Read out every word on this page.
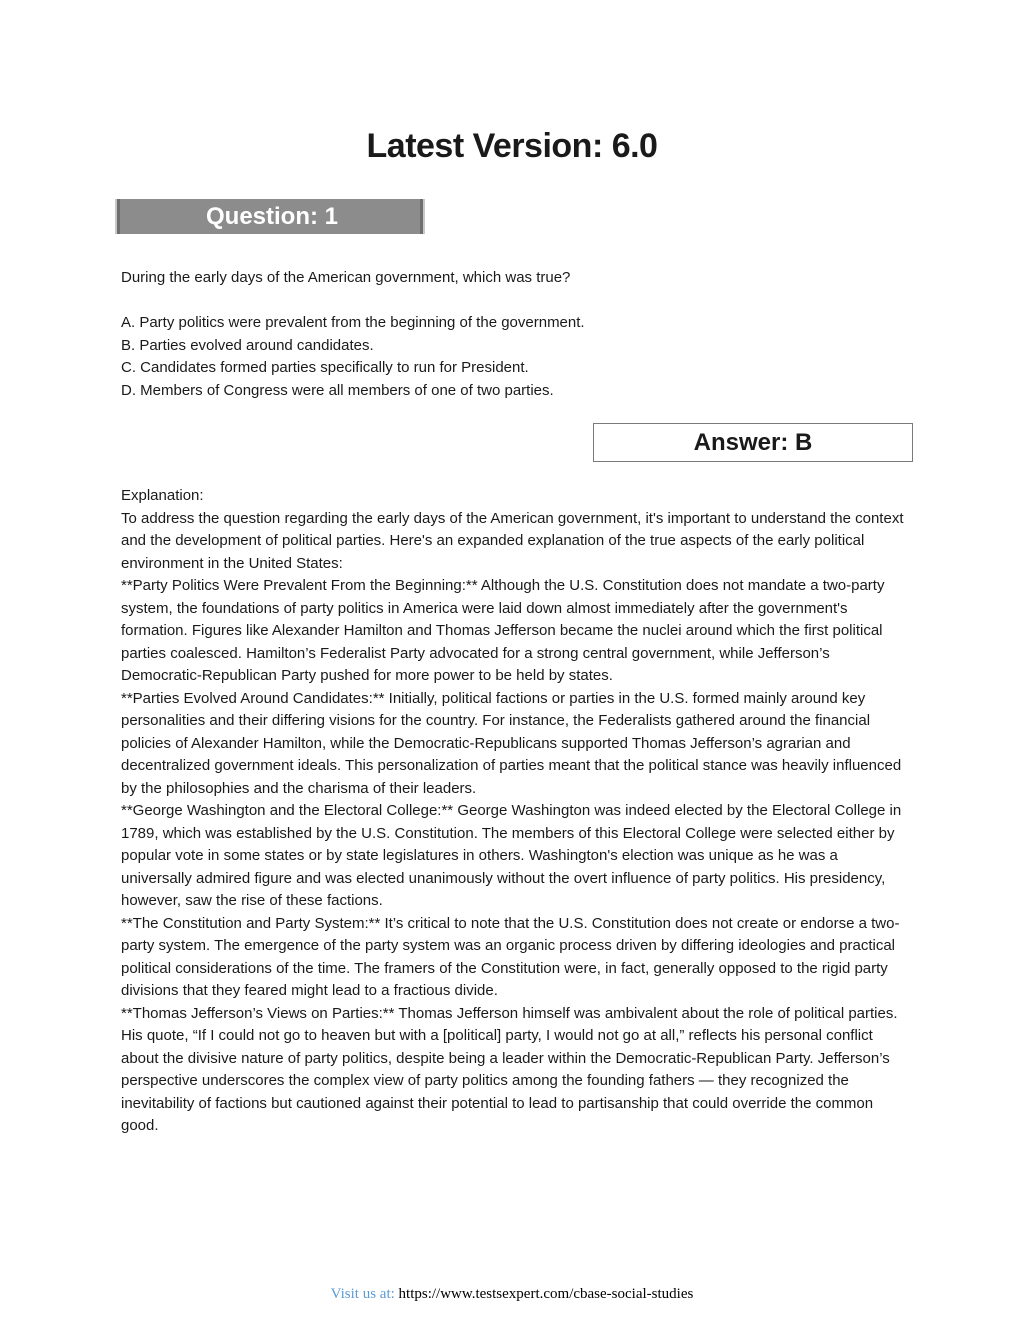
Latest Version: 6.0
Question: 1

During the early days of the American government, which was true?

A. Party politics were prevalent from the beginning of the government.
B. Parties evolved around candidates.
C. Candidates formed parties specifically to run for President.
D. Members of Congress were all members of one of two parties.
Answer: B

Explanation:

To address the question regarding the early days of the American government, it's important to understand the context and the development of political parties. Here's an expanded explanation of the true aspects of the early political environment in the United States:

**Party Politics Were Prevalent From the Beginning:** Although the U.S. Constitution does not mandate a two-party system, the foundations of party politics in America were laid down almost immediately after the government's formation. Figures like Alexander Hamilton and Thomas Jefferson became the nuclei around which the first political parties coalesced. Hamilton’s Federalist Party advocated for a strong central government, while Jefferson’s Democratic-Republican Party pushed for more power to be held by states.

**Parties Evolved Around Candidates:** Initially, political factions or parties in the U.S. formed mainly around key personalities and their differing visions for the country. For instance, the Federalists gathered around the financial policies of Alexander Hamilton, while the Democratic-Republicans supported Thomas Jefferson’s agrarian and decentralized government ideals. This personalization of parties meant that the political stance was heavily influenced by the philosophies and the charisma of their leaders.

**George Washington and the Electoral College:** George Washington was indeed elected by the Electoral College in 1789, which was established by the U.S. Constitution. The members of this Electoral College were selected either by popular vote in some states or by state legislatures in others. Washington's election was unique as he was a universally admired figure and was elected unanimously without the overt influence of party politics. His presidency, however, saw the rise of these factions.

**The Constitution and Party System:** It’s critical to note that the U.S. Constitution does not create or endorse a two-party system. The emergence of the party system was an organic process driven by differing ideologies and practical political considerations of the time. The framers of the Constitution were, in fact, generally opposed to the rigid party divisions that they feared might lead to a fractious divide.

**Thomas Jefferson’s Views on Parties:** Thomas Jefferson himself was ambivalent about the role of political parties. His quote, “If I could not go to heaven but with a [political] party, I would not go at all,” reflects his personal conflict about the divisive nature of party politics, despite being a leader within the Democratic-Republican Party. Jefferson’s perspective underscores the complex view of party politics among the founding fathers — they recognized the inevitability of factions but cautioned against their potential to lead to partisanship that could override the common good.

Visit us at: https://www.testsexpert.com/cbase-social-studies
